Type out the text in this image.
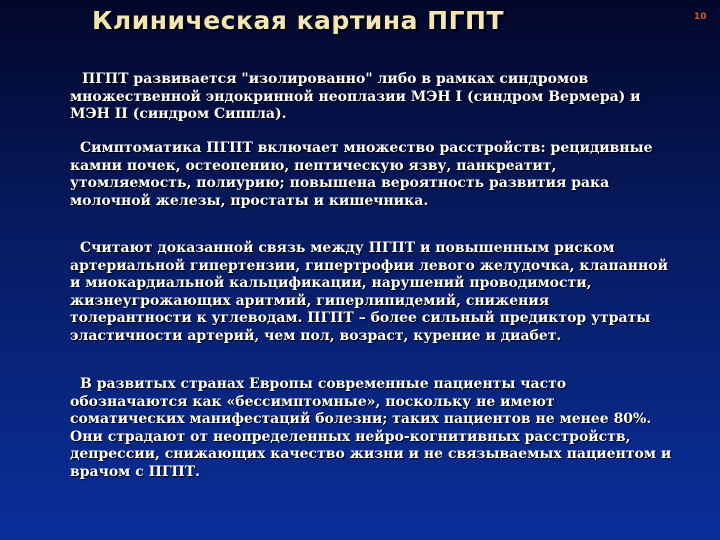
Клиническая картина ПГПТ	10
ПГПТ развивается "изолированно" либо в рамках синдромов
множественной эндокринной неоплазии МЭН I (синдром Вермера) и
МЭН II (синдром Сиппла).
Симптоматика ПГПТ включает множество расстройств: рецидивные
камни почек, остеопению, пептическую язву, панкреатит,
утомляемость, полиурию; повышена вероятность развития рака
молочной железы, простаты и кишечника.
Считают доказанной связь между ПГПТ и повышенным риском
артериальной гипертензии, гипертрофии левого желудочка, клапанной
и миокардиальной кальцификации, нарушений проводимости,
жизнеугрожающих аритмий, гиперлипидемий, снижения
толерантности к углеводам. ПГПТ – более сильный предиктор утраты
эластичности артерий, чем пол, возраст, курение и диабет.
В развитых странах Европы современные пациенты часто
обозначаются как «бессимптомные», поскольку не имеют
соматических манифестаций болезни; таких пациентов не менее 80%.
Они страдают от неопределенных нейро-когнитивных расстройств,
депрессии, снижающих качество жизни и не связываемых пациентом и
врачом с ПГПТ.
